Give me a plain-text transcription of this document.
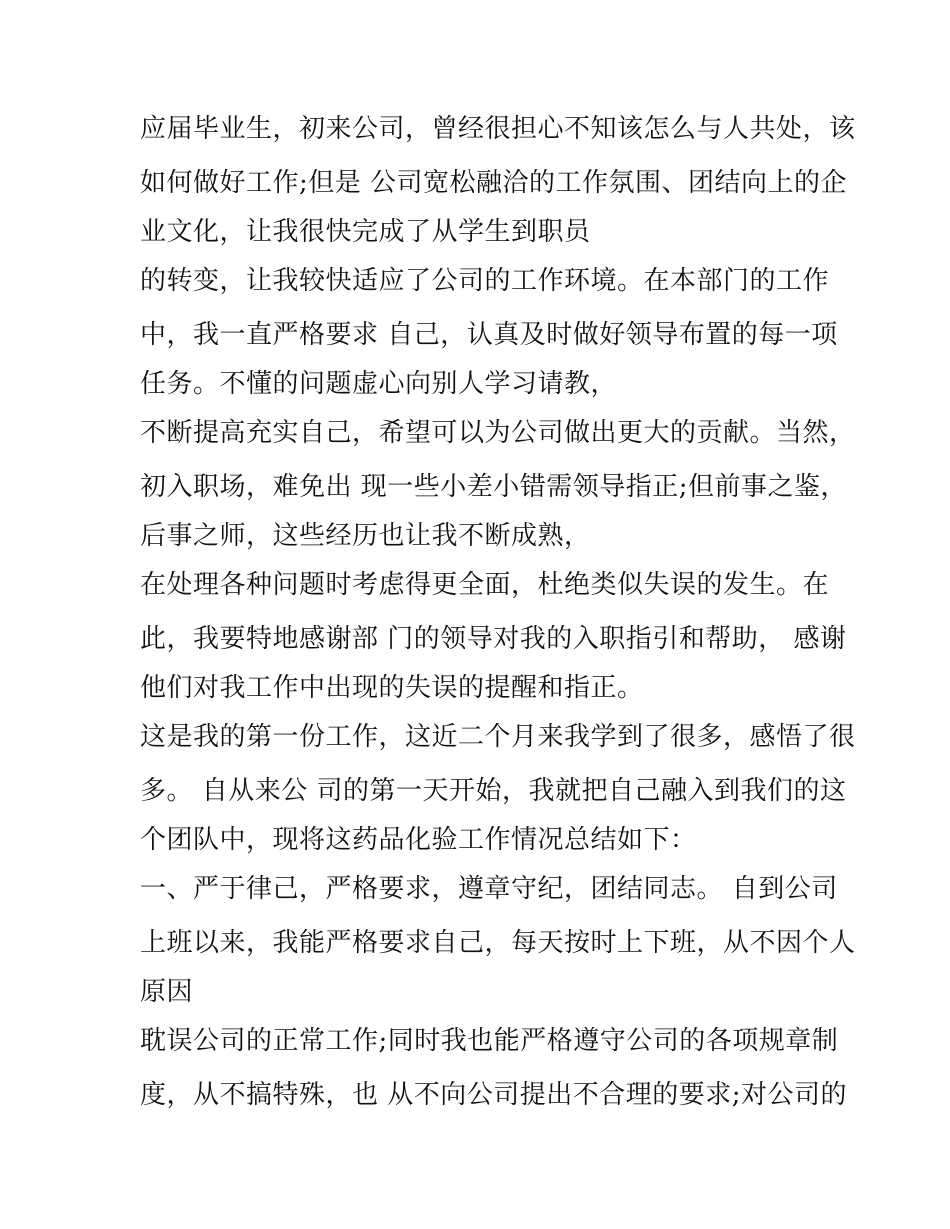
应届毕业生，初来公司，曾经很担心不知该怎么与人共处，该
如何做好工作;但是 公司宽松融洽的工作氛围、团结向上的企
业文化，让我很快完成了从学生到职员
的转变，让我较快适应了公司的工作环境。在本部门的工作
中，我一直严格要求 自己，认真及时做好领导布置的每一项
任务。不懂的问题虚心向别人学习请教，
不断提高充实自己，希望可以为公司做出更大的贡献。当然，
初入职场，难免出 现一些小差小错需领导指正;但前事之鉴，
后事之师，这些经历也让我不断成熟，
在处理各种问题时考虑得更全面，杜绝类似失误的发生。在
此，我要特地感谢部 门的领导对我的入职指引和帮助， 感谢
他们对我工作中出现的失误的提醒和指正。
这是我的第一份工作，这近二个月来我学到了很多，感悟了很
多。 自从来公 司的第一天开始，我就把自己融入到我们的这
个团队中，现将这药品化验工作情况总结如下：
一、严于律己，严格要求，遵章守纪，团结同志。 自到公司
上班以来，我能严格要求自己，每天按时上下班，从不因个人
原因
耽误公司的正常工作;同时我也能严格遵守公司的各项规章制
度，从不搞特殊，也 从不向公司提出不合理的要求;对公司的
